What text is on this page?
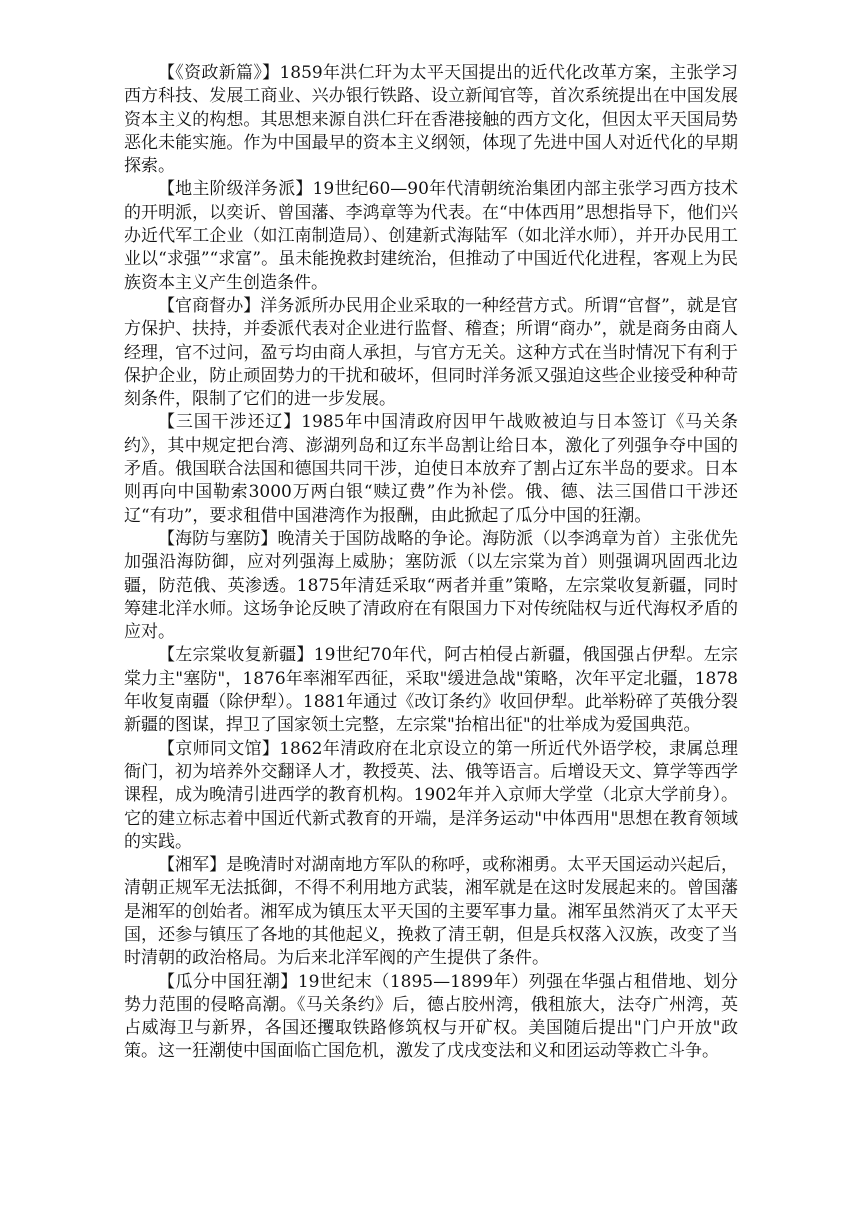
【《资政新篇》】1859年洪仁玕为太平天国提出的近代化改革方案，主张学习西方科技、发展工商业、兴办银行铁路、设立新闻官等，首次系统提出在中国发展资本主义的构想。其思想来源自洪仁玕在香港接触的西方文化，但因太平天国局势恶化未能实施。作为中国最早的资本主义纲领，体现了先进中国人对近代化的早期探索。

【地主阶级洋务派】19世纪60—90年代清朝统治集团内部主张学习西方技术的开明派，以奕䜣、曾国藩、李鸿章等为代表。在“中体西用”思想指导下，他们兴办近代军工企业（如江南制造局）、创建新式海陆军（如北洋水师），并开办民用工业以“求强”“求富”。虽未能挽救封建统治，但推动了中国近代化进程，客观上为民族资本主义产生创造条件。

【官商督办】洋务派所办民用企业采取的一种经营方式。所谓“官督”，就是官方保护、扶持，并委派代表对企业进行监督、稽查；所谓“商办”，就是商务由商人经理，官不过问，盈亏均由商人承担，与官方无关。这种方式在当时情况下有利于保护企业，防止顽固势力的干扰和破坏，但同时洋务派又强迫这些企业接受种种苛刻条件，限制了它们的进一步发展。

【三国干涉还辽】1985年中国清政府因甲午战败被迫与日本签订《马关条约》，其中规定把台湾、澎湖列岛和辽东半岛割让给日本，激化了列强争夺中国的矛盾。俄国联合法国和德国共同干涉，迫使日本放弃了割占辽东半岛的要求。日本则再向中国勒索3000万两白银“赎辽费”作为补偿。俄、德、法三国借口干涉还辽“有功”，要求租借中国港湾作为报酬，由此掀起了瓜分中国的狂潮。

【海防与塞防】晚清关于国防战略的争论。海防派（以李鸿章为首）主张优先加强沿海防御，应对列强海上威胁；塞防派（以左宗棠为首）则强调巩固西北边疆，防范俄、英渗透。1875年清廷采取“两者并重”策略，左宗棠收复新疆，同时筹建北洋水师。这场争论反映了清政府在有限国力下对传统陆权与近代海权矛盾的应对。

【左宗棠收复新疆】19世纪70年代，阿古柏侵占新疆，俄国强占伊犁。左宗棠力主"塞防"，1876年率湘军西征，采取"缓进急战"策略，次年平定北疆，1878年收复南疆（除伊犁）。1881年通过《改订条约》收回伊犁。此举粉碎了英俄分裂新疆的图谋，捍卫了国家领土完整，左宗棠"抬棺出征"的壮举成为爱国典范。

【京师同文馆】1862年清政府在北京设立的第一所近代外语学校，隶属总理衙门，初为培养外交翻译人才，教授英、法、俄等语言。后增设天文、算学等西学课程，成为晚清引进西学的教育机构。1902年并入京师大学堂（北京大学前身）。它的建立标志着中国近代新式教育的开端，是洋务运动"中体西用"思想在教育领域的实践。

【湘军】是晚清时对湖南地方军队的称呼，或称湘勇。太平天国运动兴起后，清朝正规军无法抵御，不得不利用地方武装，湘军就是在这时发展起来的。曾国藩是湘军的创始者。湘军成为镇压太平天国的主要军事力量。湘军虽然消灭了太平天国，还参与镇压了各地的其他起义，挽救了清王朝，但是兵权落入汉族，改变了当时清朝的政治格局。为后来北洋军阀的产生提供了条件。

【瓜分中国狂潮】19世纪末（1895—1899年）列强在华强占租借地、划分势力范围的侵略高潮。《马关条约》后，德占胶州湾，俄租旅大，法夺广州湾，英占威海卫与新界，各国还攫取铁路修筑权与开矿权。美国随后提出"门户开放"政策。这一狂潮使中国面临亡国危机，激发了戊戌变法和义和团运动等救亡斗争。
